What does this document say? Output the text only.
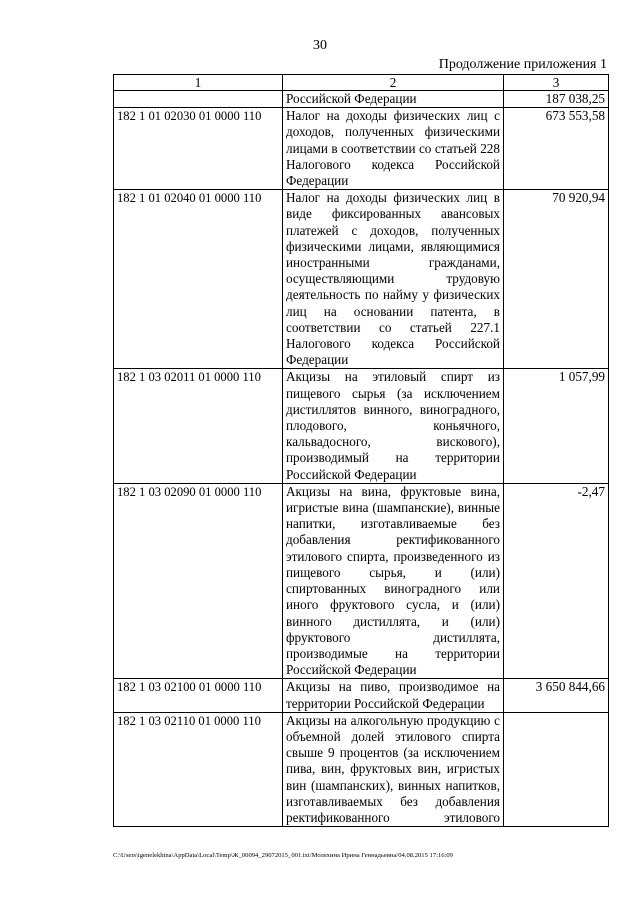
30
Продолжение приложения 1
1	2	3
	Российской Федерации	187 038,25
182 1 01 02030 01 0000 110	Налог на доходы физических лиц с доходов, полученных физическими лицами в соответствии со статьей 228 Налогового кодекса Российской Федерации	673 553,58
182 1 01 02040 01 0000 110	Налог на доходы физических лиц в виде фиксированных авансовых платежей с доходов, полученных физическими лицами, являющимися иностранными гражданами, осуществляющими трудовую деятельность по найму у физических лиц на основании патента, в соответствии со статьей 227.1 Налогового кодекса Российской Федерации	70 920,94
182 1 03 02011 01 0000 110	Акцизы на этиловый спирт из пищевого сырья (за исключением дистиллятов винного, виноградного, плодового, коньячного, кальвадосного, вискового), производимый на территории Российской Федерации	1 057,99
182 1 03 02090 01 0000 110	Акцизы на вина, фруктовые вина, игристые вина (шампанские), винные напитки, изготавливаемые без добавления ректификованного этилового спирта, произведенного из пищевого сырья, и (или) спиртованных виноградного или иного фруктового сусла, и (или) винного дистиллята, и (или) фруктового дистиллята, производимые на территории Российской Федерации	-2,47
182 1 03 02100 01 0000 110	Акцизы на пиво, производимое на территории Российской Федерации	3 650 844,66
182 1 03 02110 01 0000 110	Акцизы на алкогольную продукцию с объемной долей этилового спирта свыше 9 процентов (за исключением пива, вин, фруктовых вин, игристых вин (шампанских), винных напитков, изготавливаемых без добавления ректификованного этилового	
C:\Users\igenelekhina\AppData\Local\Temp\Ж_00094_29072015_001.txt/Молехина Ирина Геннадьевна/04.08.2015 17:16:09
